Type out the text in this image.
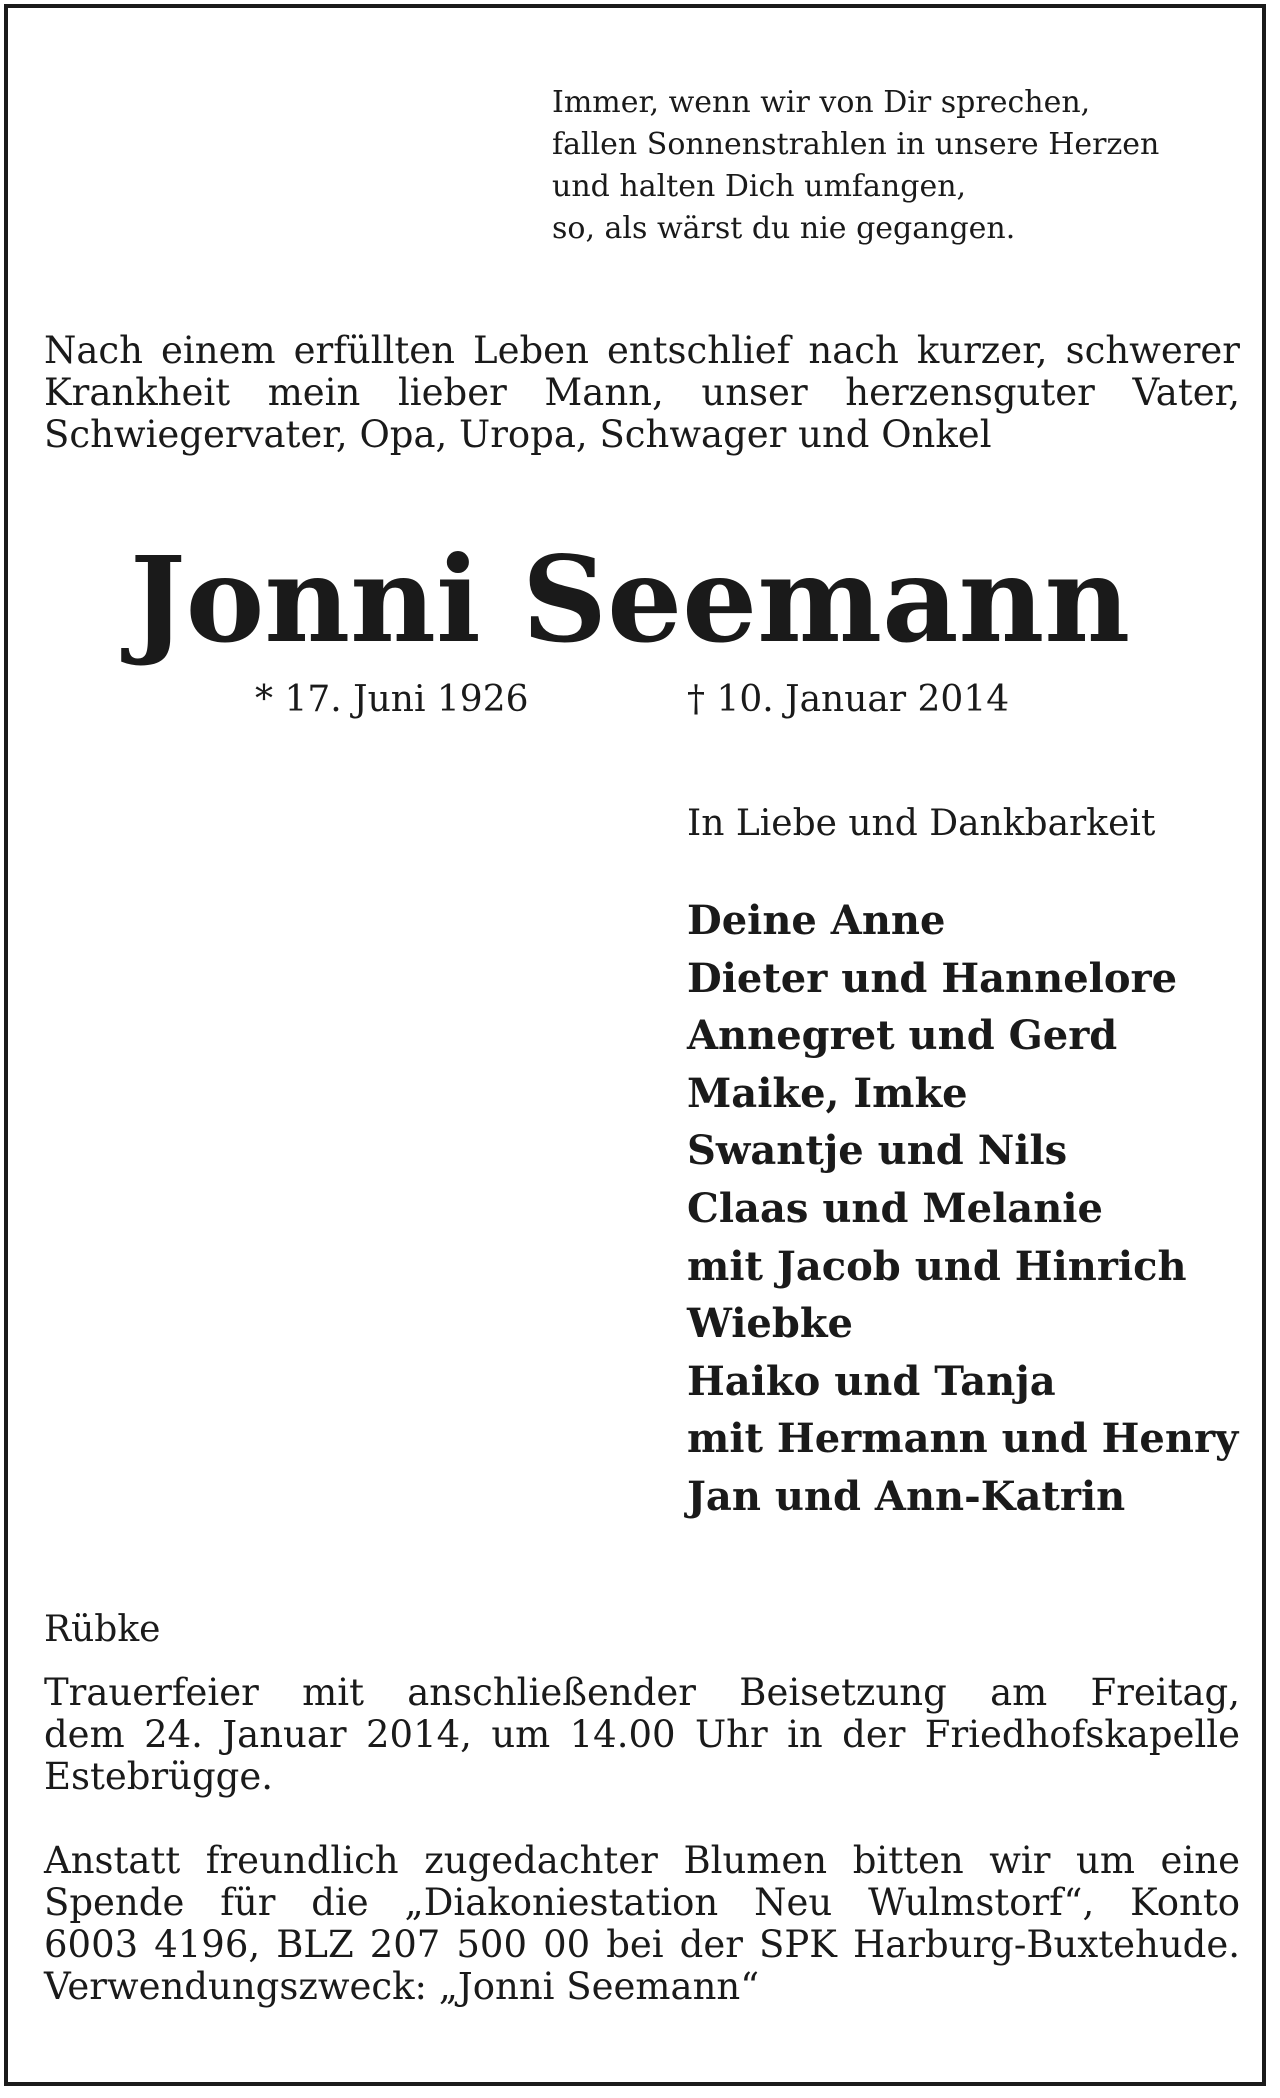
Immer, wenn wir von Dir sprechen,
fallen Sonnenstrahlen in unsere Herzen
und halten Dich umfangen,
so, als wärst du nie gegangen.
Nach einem erfüllten Leben entschlief nach kurzer, schwerer
Krankheit mein lieber Mann, unser herzensguter Vater,
Schwiegervater, Opa, Uropa, Schwager und Onkel
Jonni Seemann
* 17. Juni 1926	† 10. Januar 2014
In Liebe und Dankbarkeit
Deine Anne
Dieter und Hannelore
Annegret und Gerd
Maike, Imke
Swantje und Nils
Claas und Melanie
mit Jacob und Hinrich
Wiebke
Haiko und Tanja
mit Hermann und Henry
Jan und Ann-Katrin
Rübke
Trauerfeier mit anschließender Beisetzung am Freitag,
dem 24. Januar 2014, um 14.00 Uhr in der Friedhofskapelle
Estebrügge.
Anstatt freundlich zugedachter Blumen bitten wir um eine
Spende für die „Diakoniestation Neu Wulmstorf“, Konto
6003 4196, BLZ 207 500 00 bei der SPK Harburg-Buxtehude.
Verwendungszweck: „Jonni Seemann“
